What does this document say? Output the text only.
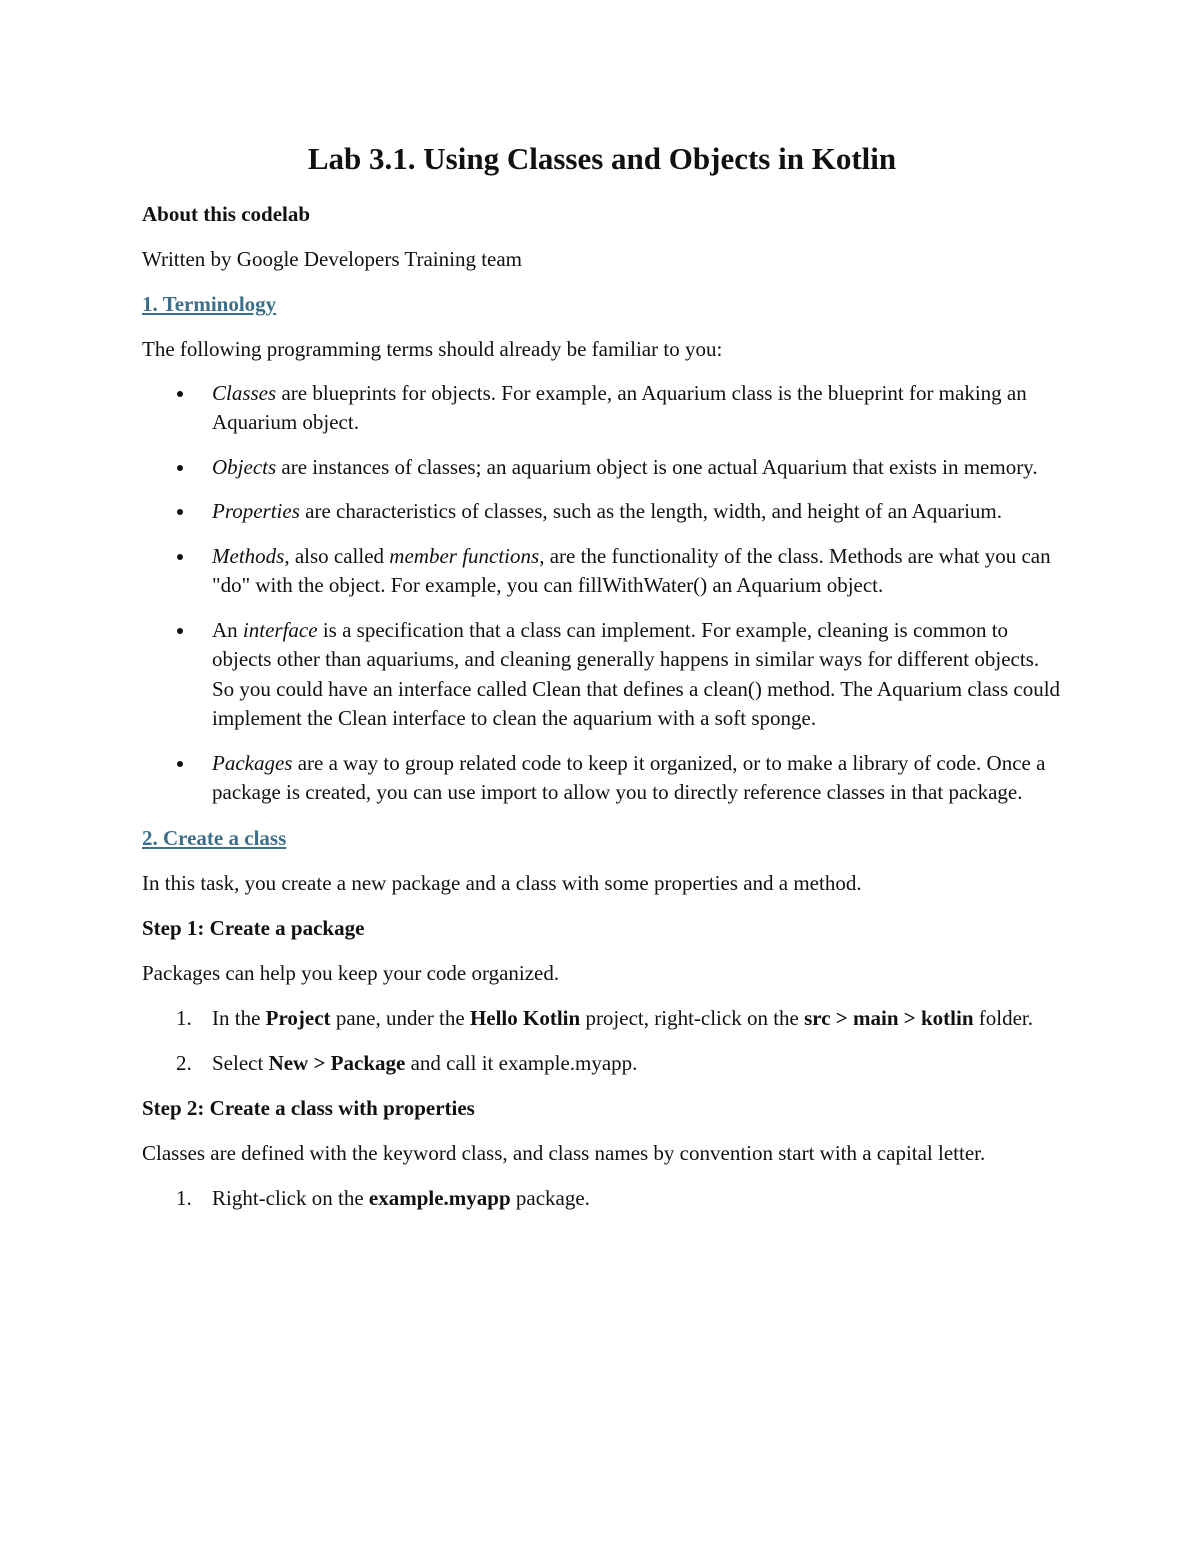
Lab 3.1. Using Classes and Objects in Kotlin

About this codelab

Written by Google Developers Training team

1. Terminology

The following programming terms should already be familiar to you:

Classes are blueprints for objects. For example, an Aquarium class is the blueprint for making an Aquarium object.
Objects are instances of classes; an aquarium object is one actual Aquarium that exists in memory.
Properties are characteristics of classes, such as the length, width, and height of an Aquarium.
Methods, also called member functions, are the functionality of the class. Methods are what you can "do" with the object. For example, you can fillWithWater() an Aquarium object.
An interface is a specification that a class can implement. For example, cleaning is common to objects other than aquariums, and cleaning generally happens in similar ways for different objects. So you could have an interface called Clean that defines a clean() method. The Aquarium class could implement the Clean interface to clean the aquarium with a soft sponge.
Packages are a way to group related code to keep it organized, or to make a library of code. Once a package is created, you can use import to allow you to directly reference classes in that package.

2. Create a class

In this task, you create a new package and a class with some properties and a method.

Step 1: Create a package

Packages can help you keep your code organized.

1. In the Project pane, under the Hello Kotlin project, right-click on the src > main > kotlin folder.
2. Select New > Package and call it example.myapp.

Step 2: Create a class with properties

Classes are defined with the keyword class, and class names by convention start with a capital letter.

1. Right-click on the example.myapp package.
